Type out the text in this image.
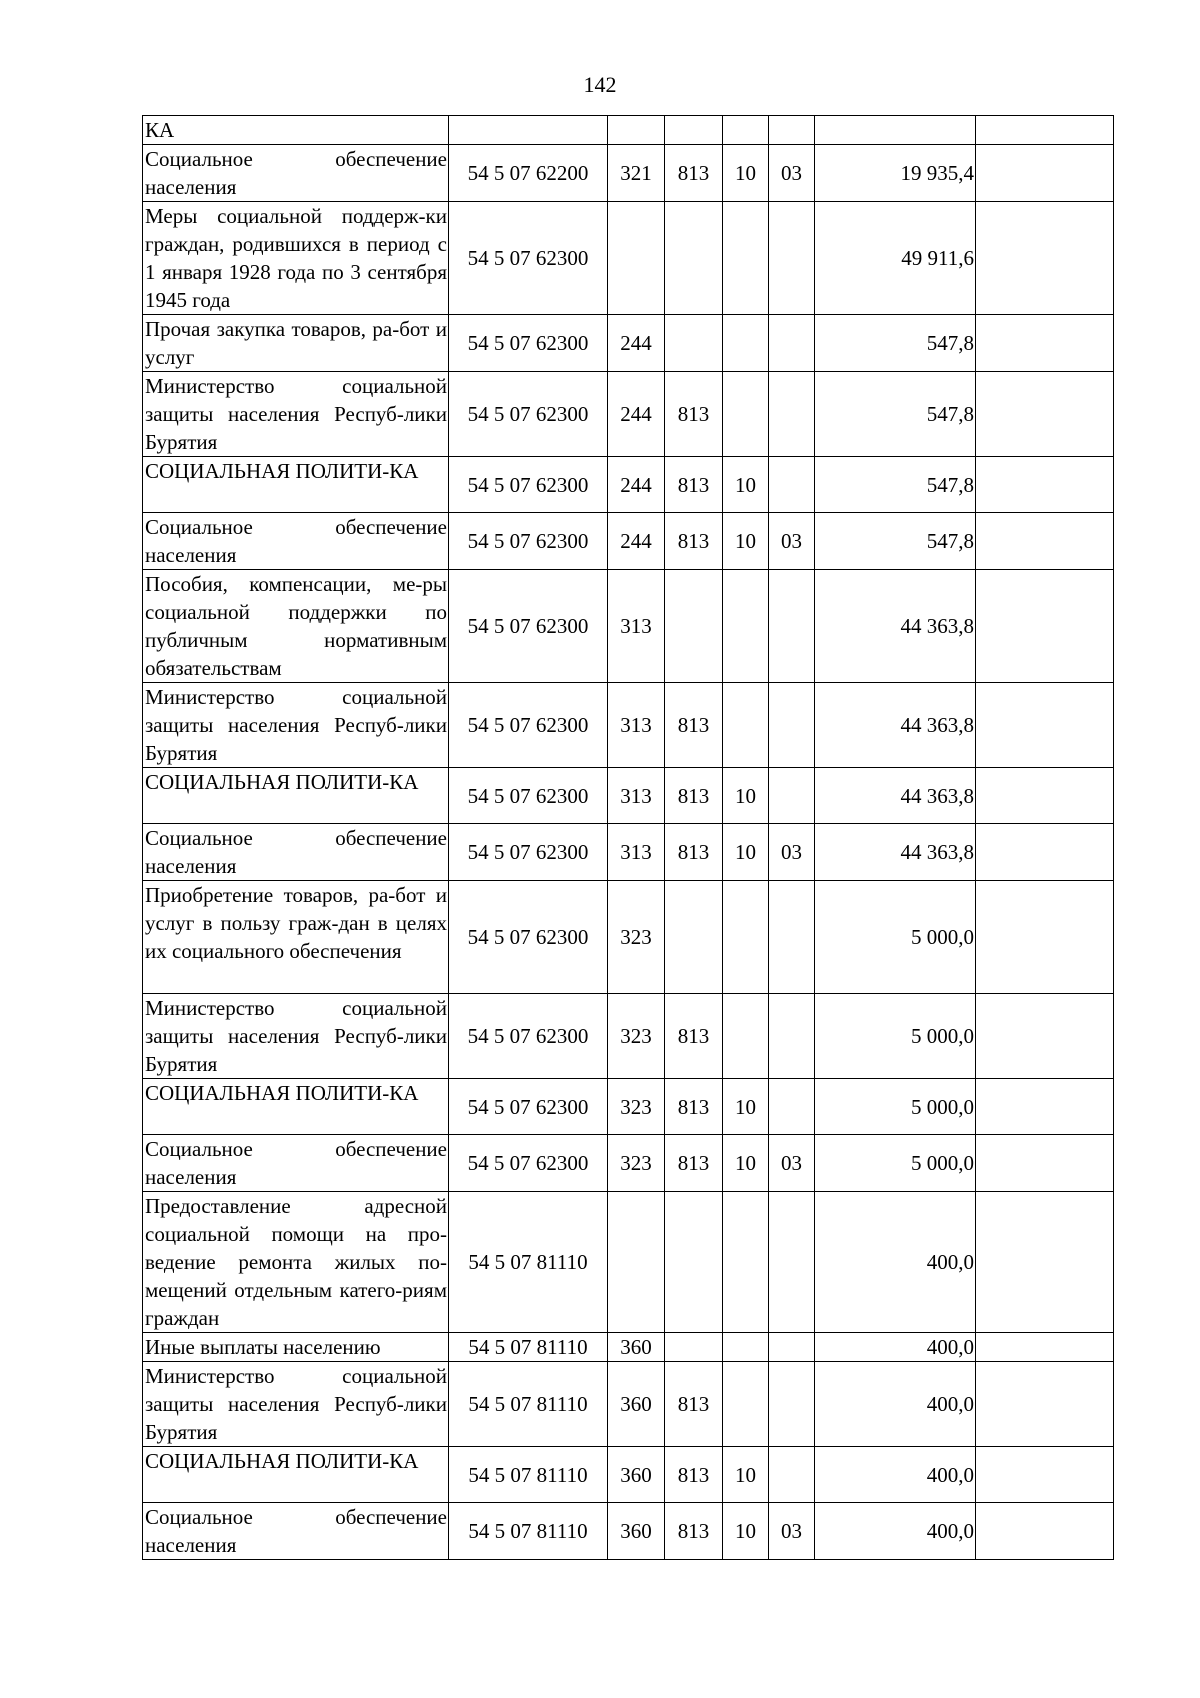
142
КА							
Социальное обеспечение населения	54 5 07 62200	321	813	10	03	19 935,4	
Меры социальной поддерж-ки граждан, родившихся в период с 1 января 1928 года по 3 сентября 1945 года	54 5 07 62300					49 911,6	
Прочая закупка товаров, ра-бот и услуг	54 5 07 62300	244				547,8	
Министерство социальной защиты населения Респуб-лики Бурятия	54 5 07 62300	244	813			547,8	
СОЦИАЛЬНАЯ ПОЛИТИ-КА	54 5 07 62300	244	813	10		547,8	
Социальное обеспечение населения	54 5 07 62300	244	813	10	03	547,8	
Пособия, компенсации, ме-ры социальной поддержки по публичным нормативным обязательствам	54 5 07 62300	313				44 363,8	
Министерство социальной защиты населения Респуб-лики Бурятия	54 5 07 62300	313	813			44 363,8	
СОЦИАЛЬНАЯ ПОЛИТИ-КА	54 5 07 62300	313	813	10		44 363,8	
Социальное обеспечение населения	54 5 07 62300	313	813	10	03	44 363,8	
Приобретение товаров, ра-бот и услуг в пользу граж-дан в целях их социального обеспечения	54 5 07 62300	323				5 000,0	
Министерство социальной защиты населения Респуб-лики Бурятия	54 5 07 62300	323	813			5 000,0	
СОЦИАЛЬНАЯ ПОЛИТИ-КА	54 5 07 62300	323	813	10		5 000,0	
Социальное обеспечение населения	54 5 07 62300	323	813	10	03	5 000,0	
Предоставление адресной социальной помощи на про-ведение ремонта жилых по-мещений отдельным катего-риям граждан	54 5 07 81110					400,0	
Иные выплаты населению	54 5 07 81110	360				400,0	
Министерство социальной защиты населения Респуб-лики Бурятия	54 5 07 81110	360	813			400,0	
СОЦИАЛЬНАЯ ПОЛИТИ-КА	54 5 07 81110	360	813	10		400,0	
Социальное обеспечение населения	54 5 07 81110	360	813	10	03	400,0	
